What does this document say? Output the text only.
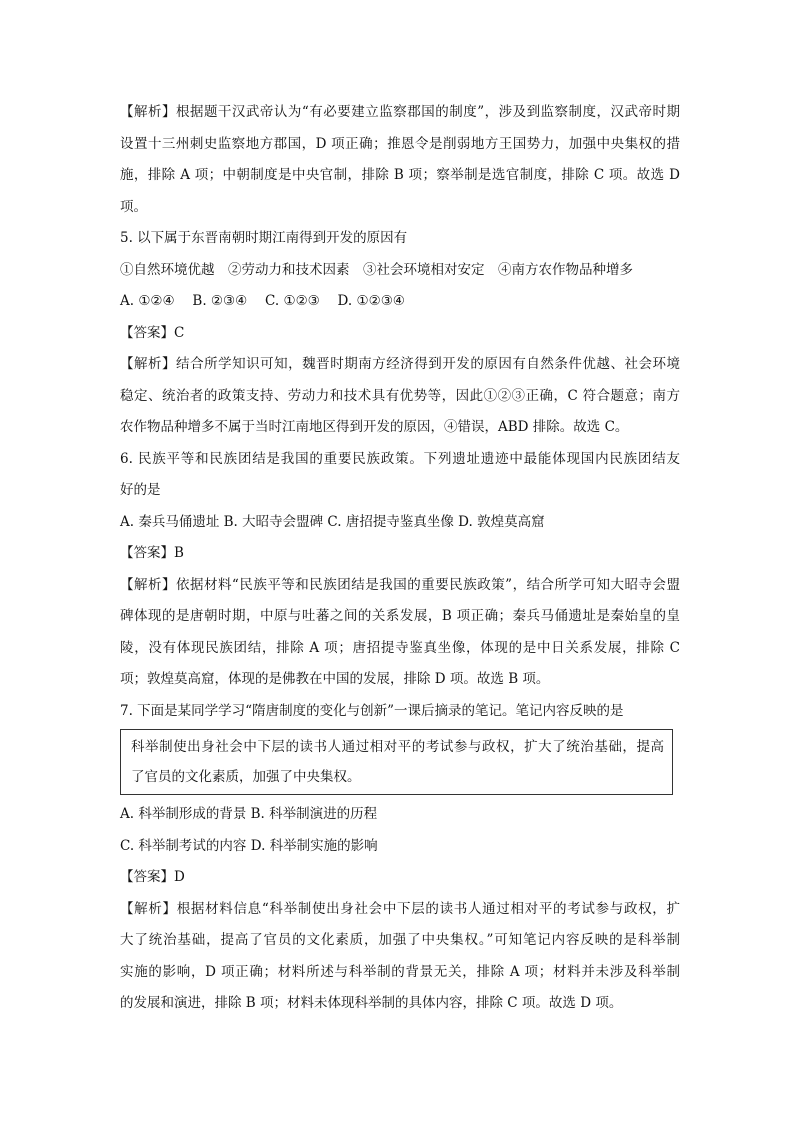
【解析】根据题干汉武帝认为“有必要建立监察郡国的制度”，涉及到监察制度，汉武帝时期
设置十三州刺史监察地方郡国，D 项正确；推恩令是削弱地方王国势力，加强中央集权的措
施，排除 A 项；中朝制度是中央官制，排除 B 项；察举制是选官制度，排除 C 项。故选 D
项。
5. 以下属于东晋南朝时期江南得到开发的原因有
①自然环境优越　②劳动力和技术因素　③社会环境相对安定　④南方农作物品种增多
A. ①②④　 B. ②③④　 C. ①②③　 D. ①②③④
【答案】C
【解析】结合所学知识可知，魏晋时期南方经济得到开发的原因有自然条件优越、社会环境
稳定、统治者的政策支持、劳动力和技术具有优势等，因此①②③正确，C 符合题意；南方
农作物品种增多不属于当时江南地区得到开发的原因，④错误，ABD 排除。故选 C。
6. 民族平等和民族团结是我国的重要民族政策。下列遗址遗迹中最能体现国内民族团结友
好的是
A. 秦兵马俑遗址 B. 大昭寺会盟碑 C. 唐招提寺鉴真坐像 D. 敦煌莫高窟
【答案】B
【解析】依据材料“民族平等和民族团结是我国的重要民族政策”，结合所学可知大昭寺会盟
碑体现的是唐朝时期，中原与吐蕃之间的关系发展，B 项正确；秦兵马俑遗址是秦始皇的皇
陵，没有体现民族团结，排除 A 项；唐招提寺鉴真坐像，体现的是中日关系发展，排除 C
项；敦煌莫高窟，体现的是佛教在中国的发展，排除 D 项。故选 B 项。
7. 下面是某同学学习“隋唐制度的变化与创新”一课后摘录的笔记。笔记内容反映的是
科举制使出身社会中下层的读书人通过相对平的考试参与政权，扩大了统治基础，提高
了官员的文化素质，加强了中央集权。
A. 科举制形成的背景 B. 科举制演进的历程
C. 科举制考试的内容 D. 科举制实施的影响
【答案】D
【解析】根据材料信息“科举制使出身社会中下层的读书人通过相对平的考试参与政权，扩
大了统治基础，提高了官员的文化素质，加强了中央集权。”可知笔记内容反映的是科举制
实施的影响，D 项正确；材料所述与科举制的背景无关，排除 A 项；材料并未涉及科举制
的发展和演进，排除 B 项；材料未体现科举制的具体内容，排除 C 项。故选 D 项。
